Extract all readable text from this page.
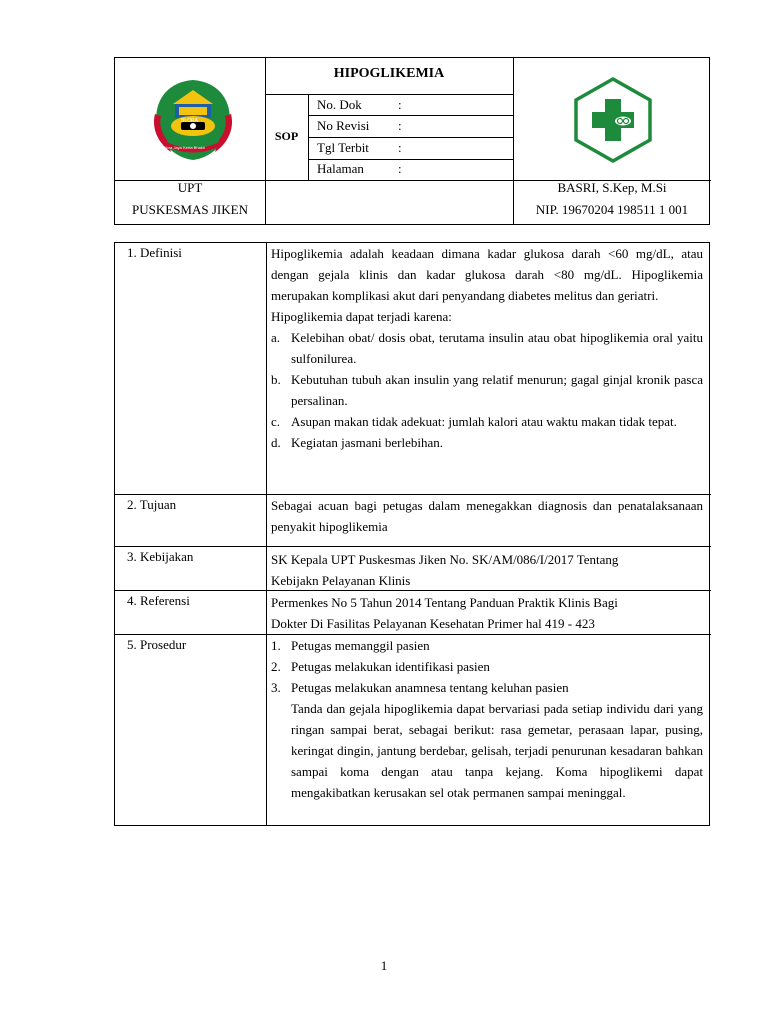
BLORA
Blora Jaya Kerta Bhakti
HIPOGLIKEMIA
SOP
No. Dok	:
No Revisi :
Tgl Terbit :
Halaman	:
UPT
PUSKESMAS JIKEN
BASRI, S.Kep, M.Si
NIP. 19670204 198511 1 001
1. Definisi	Hipoglikemia adalah keadaan dimana kadar glukosa darah <60 mg/dL, atau dengan gejala klinis dan kadar glukosa darah <80 mg/dL. Hipoglikemia merupakan komplikasi akut dari penyandang diabetes melitus dan geriatri.

Hipoglikemia dapat terjadi karena:

a. Kelebihan obat/ dosis obat, terutama insulin atau obat hipoglikemia oral yaitu sulfonilurea.
b. Kebutuhan tubuh akan insulin yang relatif menurun; gagal ginjal kronik pasca persalinan.
c. Asupan makan tidak adekuat: jumlah kalori atau waktu makan tidak tepat.
d. Kegiatan jasmani berlebihan.
2. Tujuan	Sebagai acuan bagi petugas dalam menegakkan diagnosis dan penatalaksanaan penyakit hipoglikemia
3. Kebijakan	SK Kepala UPT Puskesmas Jiken No. SK/AM/086/I/2017 Tentang
Kebijakn Pelayanan Klinis
4. Referensi	Permenkes No 5 Tahun 2014 Tentang Panduan Praktik Klinis Bagi
Dokter Di Fasilitas Pelayanan Kesehatan Primer hal 419 - 423
5. Prosedur	1. Petugas memanggil pasien
2. Petugas melakukan identifikasi pasien
3. Petugas melakukan anamnesa tentang keluhan pasien

Tanda dan gejala hipoglikemia dapat bervariasi pada setiap individu dari yang ringan sampai berat, sebagai berikut: rasa gemetar, perasaan lapar, pusing, keringat dingin, jantung berdebar, gelisah, terjadi penurunan kesadaran bahkan sampai koma dengan atau tanpa kejang. Koma hipoglikemi dapat mengakibatkan kerusakan sel otak permanen sampai meninggal.

1
